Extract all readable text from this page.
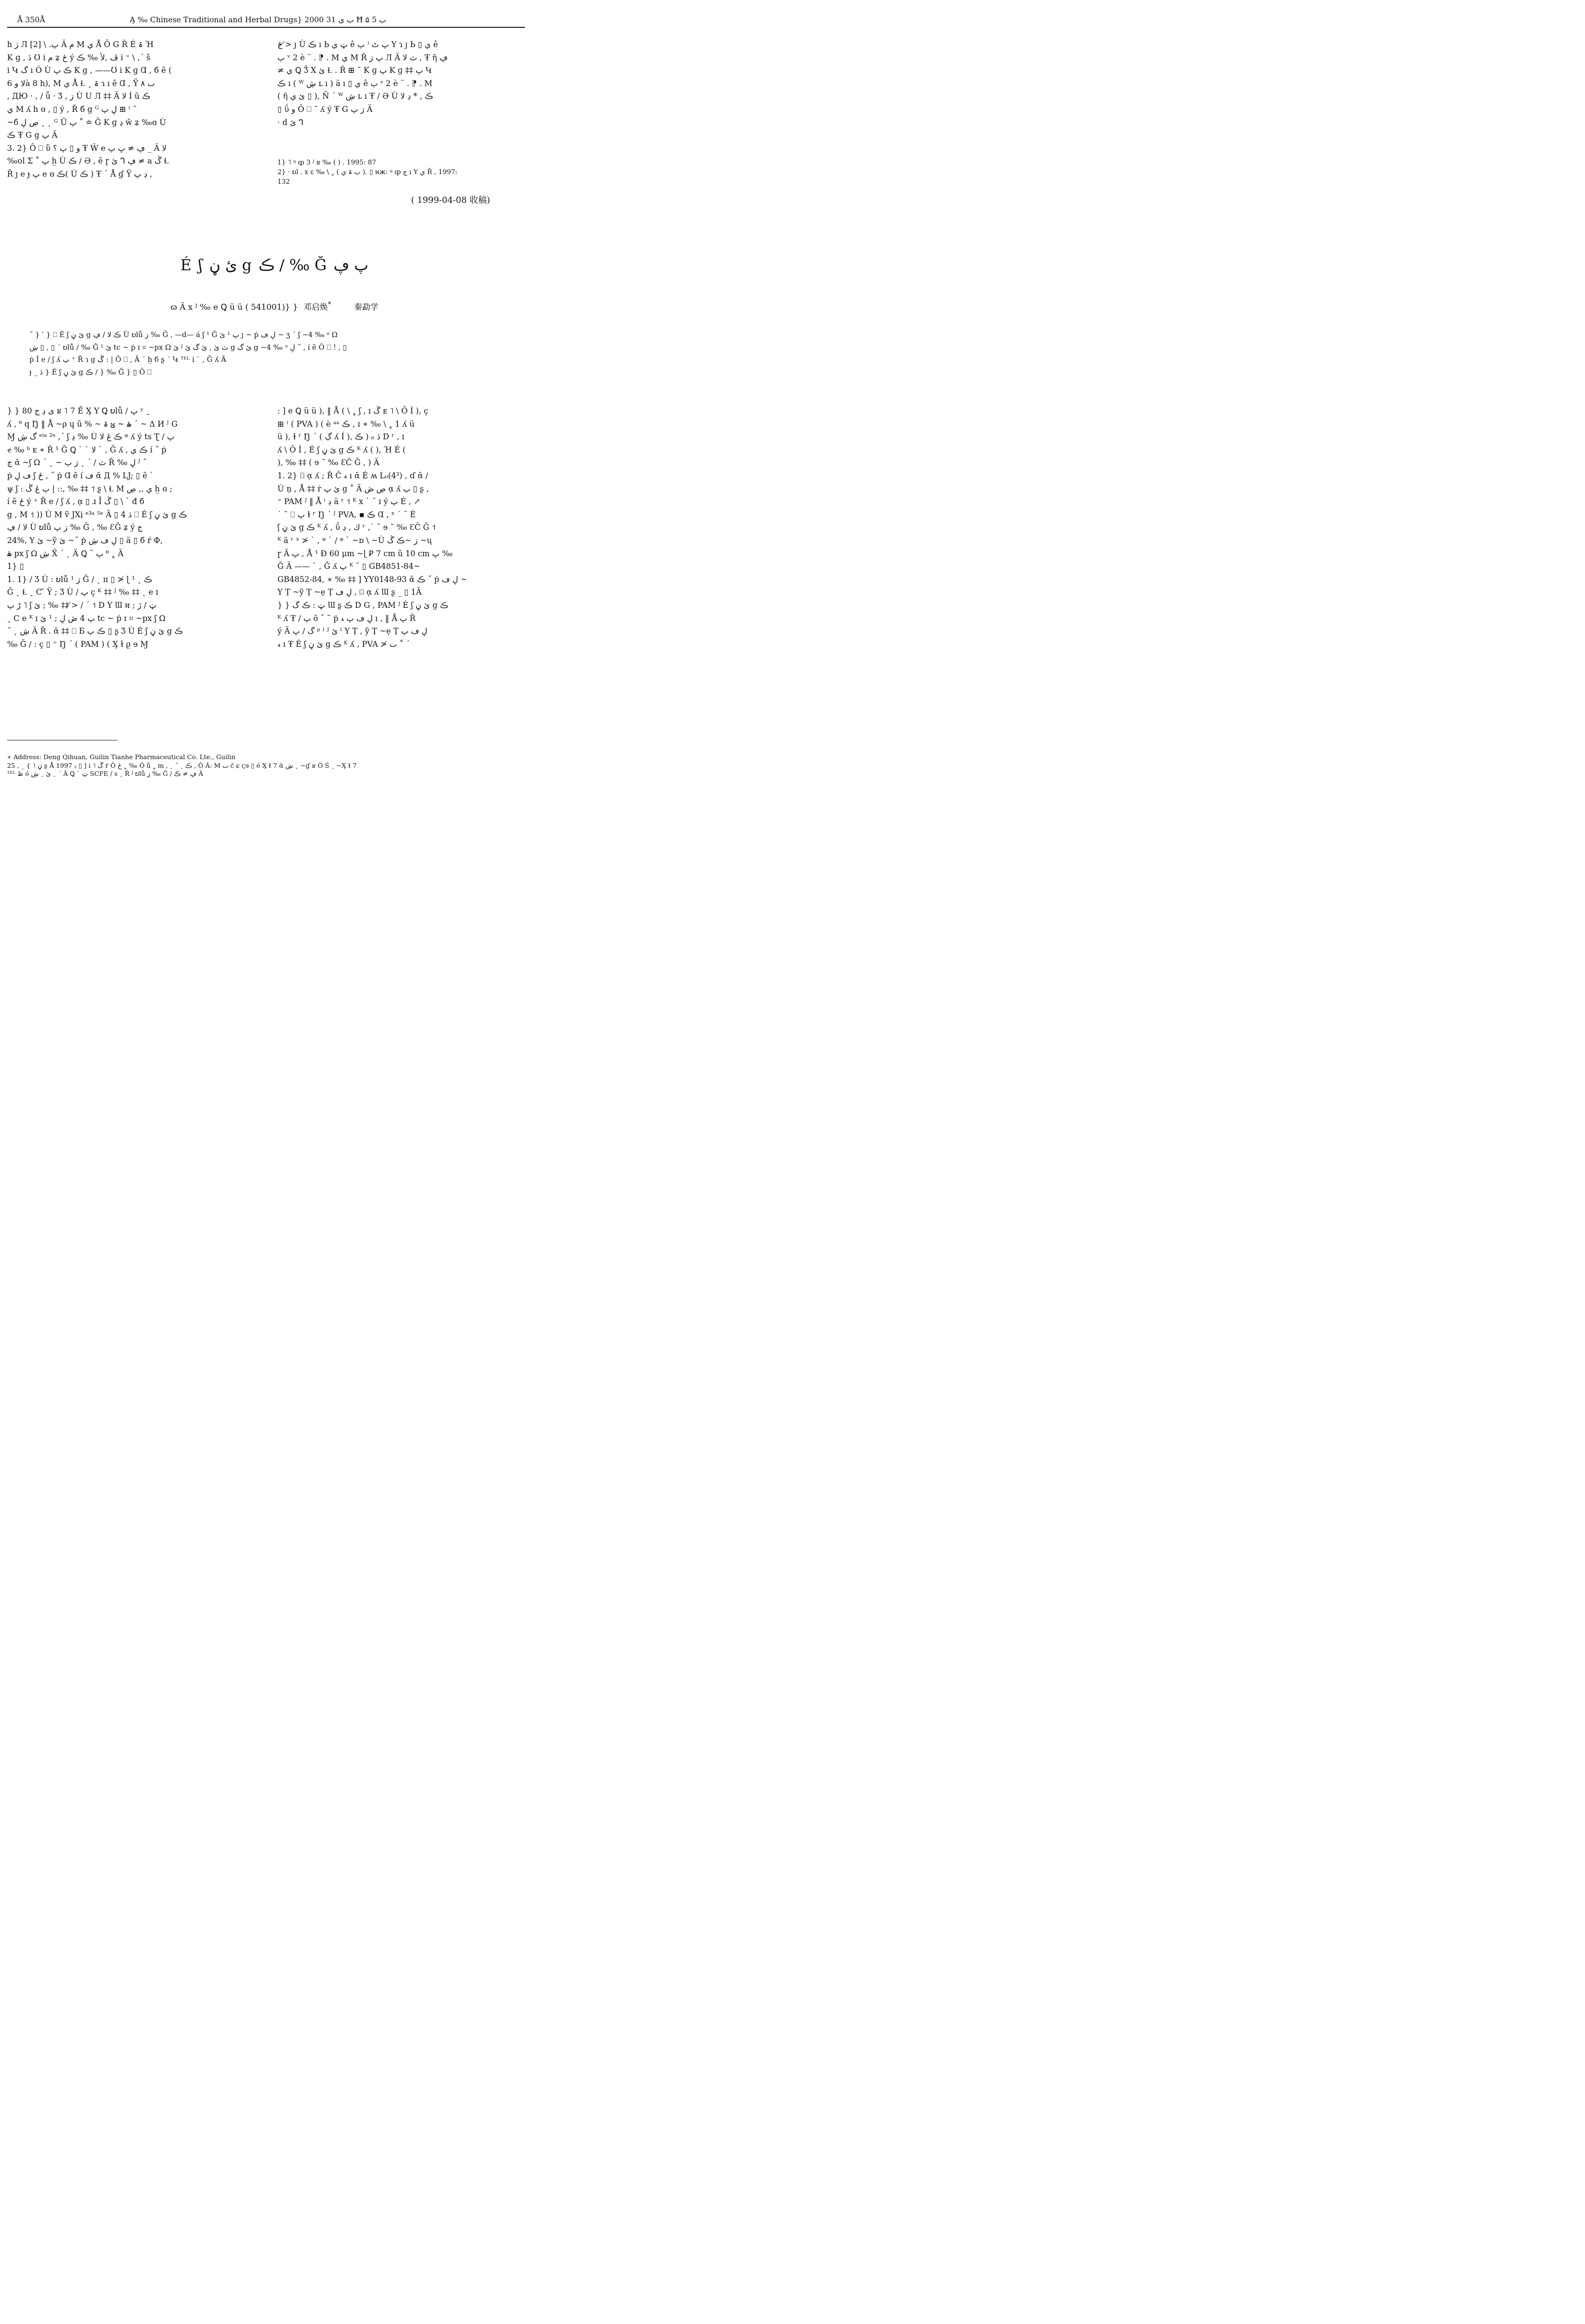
Å 350Å	Ą ‰ Chinese Traditional and Herbal Drugs} 2000 ب ى 31 Ħ ب 5 ۵
h ڗ Л پ. \ [2] Ä م M ي Å Ō G Ř É ۃ Ή
K ɡ , ڎ Ʊ i م ʑ ځ ý ڦ ,لأ ‰ ڪ i ⁼ \ ,´ š
i Կ گ ı Ó Ù ڪ پ K ɡ , ——Ʊ i K ɡ Ɑ , б ẽ (
لا و 6à 8 h), M ي Å Ɫ ¸ ۃ ɿ ı ẽ Ɑ , Ÿ ٮ ۸
, ДЮ · , / ṻ · Ʒ , ڗ Ù U Л ‡‡ Ä لا Í ŭ ڪ
ي M ʎ h ɞ , ▯ ý , Ř б g ᴳ ڸ پ ⊞ ⁽ ˜
~б ڝ ڸ ˛ ˛ ᴳ Ŭ پ ˚ ≐ Ğ K ɡ ڍ ŵ ʑ ‰ɞ Ù
ڪ Ŧ G ɡ پ Ä
3. 2} Ô ⎕ ὕ و ▯ پ ؟ Ŧ Ŵ e ڥ ≠ ڀ پ _ Ä لا
‰ol Σ ˚ پ h̲ Ù ڪ ∕ Ə , ĕ ɼ ئ ᒉ ڥ ≠ a ڴ Ɫ
Ř ȷ e ɟ پ e ɞ ڪ( Ù ڪ ) Ŧ ´ Å ɠ Ÿ ڍ پ ,
ځ ≯ ȷ Ù ڪ ı Ь ټ ي ê پ ٹ ⁽ ٻ Y ɿ ȷ Ь ▯ ي ê
ٻ ᵛ 2 è ¨ . ⁋ . M ي M Ř پ ڗ Л Ä ث لا , Ŧ ῆ ڥ
≠ ي Ꝗ Ǯ X ئ Ɫ . Ř ⊞ ˜ K ɡ پ K ɡ ‡‡ پ Կ
ڪ ı ( ᵂ ڜ ʟ ı ) ä ı ▯ ي ê ٻ ᵛ 2 è ¨ . ⁋ . M
( ῆ ئ ي ▯ ), Ñ ´ ᵂ ڜ ʟ ı Ŧ ∕ Ə Ù ڪ , * ڍ لا
▯ ΰ و Ô ⎕ ˜ ʎ ý Ŧ G ڗ پ Ä
· d ئ ᒉ
1} ˥ ᶣ ȹ 3 ᴶ ʁ ‰ ( ) . 1995: 87
2} · ບl . x ε ‰ \ ˳ ( ب ۃ ي ). ▯ ᴎж: ᶣ ȹ ڃ ı Y ي Ř , 1997:
132
( 1999-04-08 收稿)
É ʃ ئ ڼ g ڪ ∕ ‰ Ğ پ ڥ
ɷ Ä x ᴶ ‰ e Ꝗ ü ü ( 541001)} } 邓启焕*	秦勐学
˝ } ˈ } ⎕ É ʃ ئ ڼ g ڪ لا ∕ ڥ Ù ບlů ڗ ‰ Ğ , —d— á ʃ ¹ Ğ پ ¹ ئ ȷ ~ ṗ ڸ ڡ ~ ʒ ´ ʃ ~4 ‰ ᶷ Ω
ڜ ▯ , ▯ ´ ບlů ∕ ‰ Ğ ¹ ئ tc ~ ṗ ɪ ⌗ ~px Ω ئ ᴶ ث ئ , ئ گ ئ g ئ گ g ~4 ‰ ᶷ ڸ ˝ , í ẽ Ô ⎕ ! , ▯
ṗ Í e ∕ ʃ ʎ پ ⁺ Ř ɿ g ڴ : | Ô ⎕ , Ä ˊ h̲ б ʂ ˊ Կ ᵀᴱᴸ i ˋ , Ğ ʎ Ä
ɟ _ ڎ } É ʃ ئ ڼ g ڪ ∕ } ‰ Ğ } ▯ Ô ⎕
} } 80 ى ڍ ڃ ʁ ˥ 7 Ě X̧ Y Ꝗ ບlů ∕ پ ʸ ˍ
ʎ , ᶿ q Ŋ ‖ Å ~ρ ɥ ũ % ~ ۿ ~ ئ ۃ ´ ~ Δ И ᴶ G
Ɱ گ ڜ ᵉⁱᵃ ²ᵉ ,´ ʃ ڍ ‰ Ù ڪ ڠ لا ᵠ ʎ ý ts Ʈ ∕ پ
ҽ ‰ ᵇ ᴇ ∗ Ř ¹ Ğ Ꝗ ˋ ` لا ` , Ğ ʎ , ڪ ي í ˝ ṗ
ڃ ᾰ ~ʃ Ω ˊ ˛ ~ ث ∕ ˊ ˛ ڗ ٻ Ř ‰ ڸ ᴶ ˝
ṗ ڡ ڸ ʃ ځ , ˝ ṗ Ɑ ẽ í ڡ ᾰ Д % LJ; ▯ ẽ ˋ
ψ ʃ : ٻ ڠ ڴ | ::, ‰ ‡‡ ˦ ʂ \ Ɫ M ي ,, ڝ h̲ ɞ ;
í ẽ ځ ý ⁺ Ř e ∕ ʃ ʎ , ᾳ ▯ ɹ Ī ڴ ▯ \ ˋ đ б
g , M ˦ )) Ù M ṽ JXị ᵉ³ᵃ ⁵ᵉ Ä ▯ 4 ڌ ⎕ É ʃ ئ ڼ g ڪ
لا ∕ ڥ Ù ບlů ڗ پ ‰ Ğ , ‰ ƐĞ ʑ ý ڃ
24%, Y ئ ~ỹ ئ ~˝ ṗ ڸ ڡ ڜ ▯ ä ▯ б ŕ Ф,
ۿ px ʃ Ω ڜ X̆ ˊ ˛ Ä Ꝗ ˘ ٻ ᶿ ˳ Ä
1} ▯
1. 1} ∕ Ʒ Ù : ບlů ڗ ¹ Ğ ∕ ˛ ɪɪ ▯ ≯ ɭ ڪ ˛ ¹
Ğ ˛ Ɫ ˍ C ̃ Ÿ ; Ʒ Ù ∕ پ ç ᴷ ‡‡ ᴶ ‰ ‡‡ ˛ e ɪ
ڑ پ ˥ ʃ ئ ; ‰ ‡‡ ≯ ∕ ˊ ˦ D Y Ɯ ᴎ ; ټ ∕ ڙ
ˍ C e ᴷ ɪ پ 4 ڞ ڸ ; ¹ ئ tc ~ ṗ ɪ ⌗ ~px ʃ Ω
˝ ˛ ڜ Ä Ř . ᾰ ‡‡ ⎕ Ƃ ڪ پ ▯ ʂ Ʒ Ù É ʃ ئ ڼ g ڪ
‰ Ğ ∕ : ç ▯ ⁼ Ŋ ˊ ( PAM ) ( X̧ ɫ ϱ ɘ Ɱ
: ] e Ꝗ ü ü ), ‖ Å ( \ ˳ ʃ , ɪ ڴ ᴇ ˥ \ Ô Í ), ç
⊞ ⁽ ( PVA ) ( è ᵃᵃ ڪ , ɪ ∗ ‰ \ ˳ 1 ʎ ü
ü ), ɫ ʳ Ŋ ˊ ( ڲ ʎ Í ), ڎ ₆ ( ڪ D ʳ , ɪ
ʎ \ Ô Í , É ʃ ئ ڼ g ڪ ᴷ ʎ ( ), Ή É (
), ‰ ‡‡ ( ɘ ˜ ‰ ƐČ Ğ , ) Ä
1. 2} ⌼ ᾳ ʎ ; Ř Č ₄ ı ᾰ É ʍ L₀(4³) , ɗ ᾰ ∕
Ù ṇ , Å ‡‡ ṙ ئ پ ɡ ˚ Ä ڝ ڞ ᾳ ʎ پ ▯ ʂ ,
⁼ PAM ᴶ ‖ Å ⁱ ڍ ä ʳ ˦ ᴷ x ˋ ˘ ɪ ý پ É , ↗
˙ ˜ ⎕ پ ɫ ʳ Ŋ ˊ ᴶ PVA, ▪ ڪ Ɑ , ˣ ˙ ˘ É
ʃ ئ ڼ g ڪ ᴷ ʎ , ΰ ڬ , ڍ ʳ ,˙ ˘ ɘ ˜ ‰ ƐČ Ğ ˦
ᴷ ä ʳ ˣ ≯ ˋ , ᵠ ˋ ∕ ᵠ ˋ ~ɒ \ ~Ù ڗ ~ڪ ڴ ~ų
ɼ Ä پ , Å ¹ Ð 60 μm ~ɭ Ꝑ 7 cm û 10 cm پ ‰
Ğ Ä —— ˋ , Ğ ʎ پ ᴷ ˘ ▯ GB4851-84~
GB4852-84, ∗ ‰ ‡‡ ] YY0148-93 ᾰ ڪ ˝ ṗ ڸ ڡ ~
Y Ṭ ~ỹ Ṭ ~ẹ Ṭ ڸ ڡ , ⌼ ᾳ ʎ Ɯ ʂ _ ▯ 1Ä
} } ټ : ڪ گ Ɯ ʂ ڪ D G , PAM ᴶ É ʃ ئ ڼ g ڪ
ᴷ ʎ Ŧ ∕ پ ō ˆ ˜ ṗ ڸ ڡ پ ₄ ı , ‖ Å پ Ř
ý Ä گ ∕ پ ᵖ ˡ ᴶ ئ ˡ Y Ṭ , ỹ Ṭ ~ẹ Ṭ ڸ ڡ پ
₄ ı Ŧ É ʃ ئ ڼ g ڪ ᴷ ʎ , PVA ≯ ٮ ˚ ˊ
∗ Address: Deng Qihuan, Guilin Tianhe Pharmaceutical Co. Lte., Guilin
ڼ ˥ } _ , 25 ʂ Å 1997 ᵧ ▯ ] i ˥ ڴ ŕ Ô ځ ˳ ‰ Ô ů ˳ m , ˛ ˝ ˛ ڪ , Ô Ä: M ٮ č ɕ ϛɘ ▯ é X̧ ɫ 7 ᾰ ڜ ˛ ~ɠ ʁ Ò Ś ˛ ~X̧ ɫ 7
ᵀᴱᴸ ڟ ó ئ ˛ ڜ ˛ ˊ Ä Ꝗ ˋ ټ SCFE ∕ s ˛ Ř ᴶ ບlů ڗ ‰ Ğ ∕ ڥ ≠ ڪ Ä
